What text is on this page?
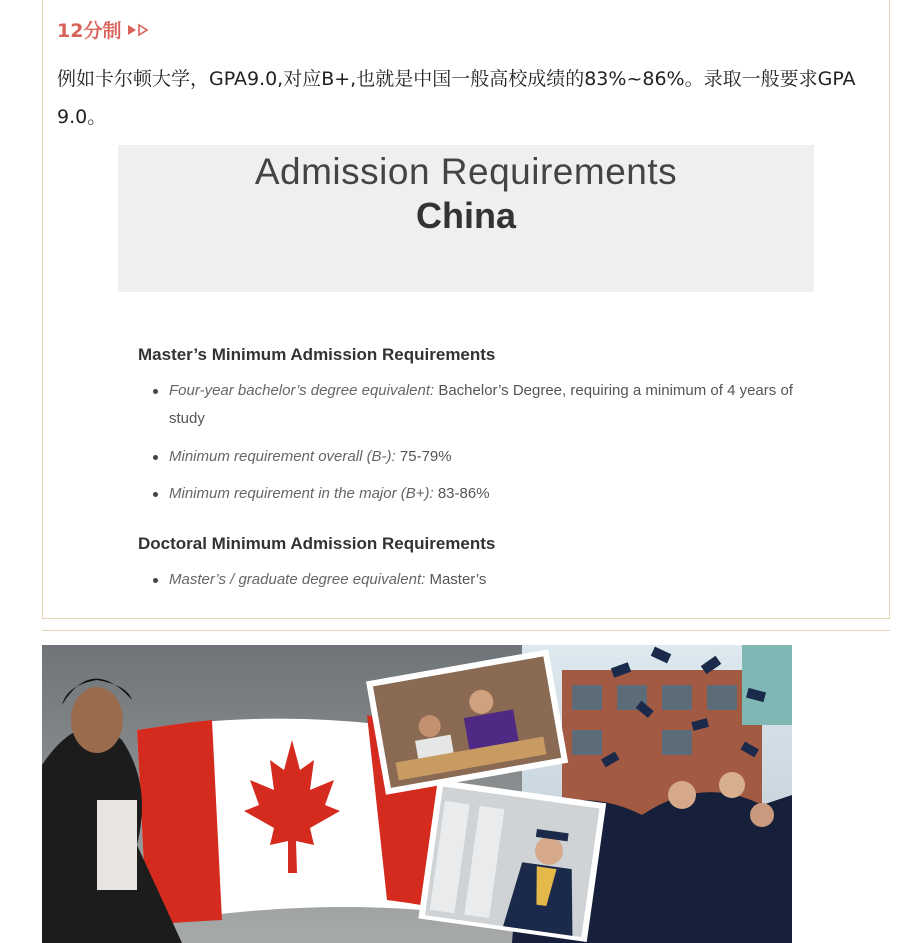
12分制
例如卡尔顿大学，GPA9.0,对应B+,也就是中国一般高校成绩的83%~86%。录取一般要求GPA 9.0。
Admission Requirements
China
Master’s Minimum Admission Requirements
Four-year bachelor’s degree equivalent: Bachelor’s Degree, requiring a minimum of 4 years of study
Minimum requirement overall (B-): 75-79%
Minimum requirement in the major (B+): 83-86%
Doctoral Minimum Admission Requirements
Master’s / graduate degree equivalent: Master’s
